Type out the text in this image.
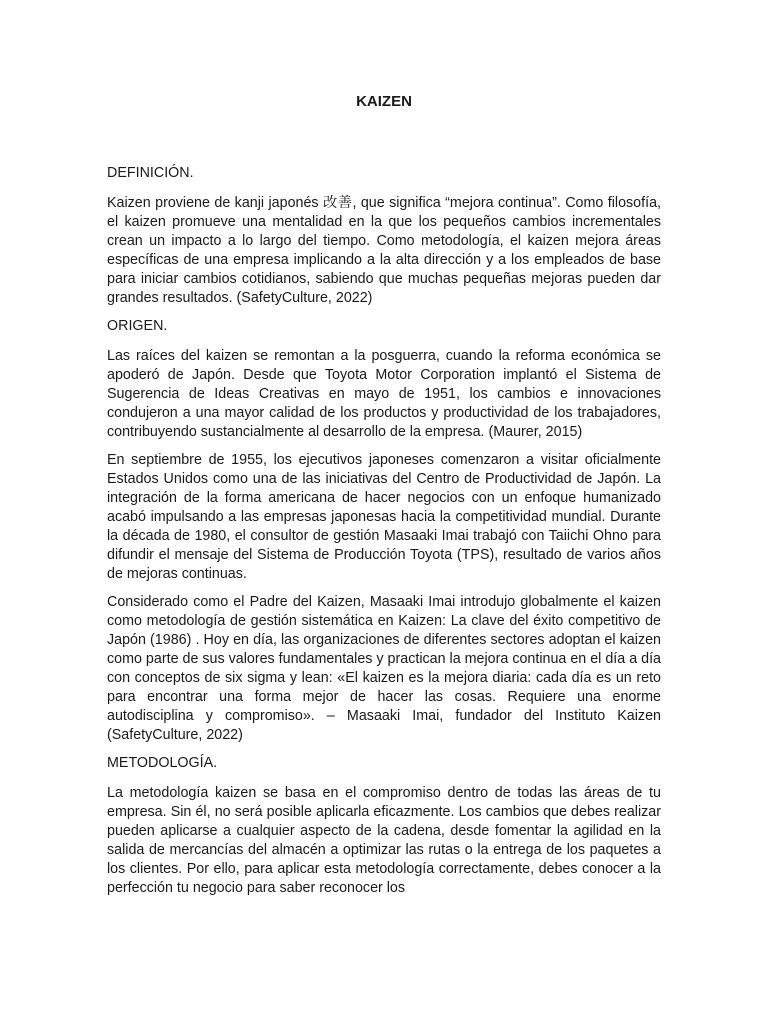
KAIZEN
DEFINICIÓN.
Kaizen proviene de kanji japonés 改善, que significa “mejora continua”. Como filosofía, el kaizen promueve una mentalidad en la que los pequeños cambios incrementales crean un impacto a lo largo del tiempo. Como metodología, el kaizen mejora áreas específicas de una empresa implicando a la alta dirección y a los empleados de base para iniciar cambios cotidianos, sabiendo que muchas pequeñas mejoras pueden dar grandes resultados. (SafetyCulture, 2022)
ORIGEN.
Las raíces del kaizen se remontan a la posguerra, cuando la reforma económica se apoderó de Japón. Desde que Toyota Motor Corporation implantó el Sistema de Sugerencia de Ideas Creativas en mayo de 1951, los cambios e innovaciones condujeron a una mayor calidad de los productos y productividad de los trabajadores, contribuyendo sustancialmente al desarrollo de la empresa. (Maurer, 2015)
En septiembre de 1955, los ejecutivos japoneses comenzaron a visitar oficialmente Estados Unidos como una de las iniciativas del Centro de Productividad de Japón. La integración de la forma americana de hacer negocios con un enfoque humanizado acabó impulsando a las empresas japonesas hacia la competitividad mundial. Durante la década de 1980, el consultor de gestión Masaaki Imai trabajó con Taiichi Ohno para difundir el mensaje del Sistema de Producción Toyota (TPS), resultado de varios años de mejoras continuas.
Considerado como el Padre del Kaizen, Masaaki Imai introdujo globalmente el kaizen como metodología de gestión sistemática en Kaizen: La clave del éxito competitivo de Japón (1986) . Hoy en día, las organizaciones de diferentes sectores adoptan el kaizen como parte de sus valores fundamentales y practican la mejora continua en el día a día con conceptos de six sigma y lean: «El kaizen es la mejora diaria: cada día es un reto para encontrar una forma mejor de hacer las cosas. Requiere una enorme autodisciplina y compromiso». – Masaaki Imai, fundador del Instituto Kaizen (SafetyCulture, 2022)
METODOLOGÍA.
La metodología kaizen se basa en el compromiso dentro de todas las áreas de tu empresa. Sin él, no será posible aplicarla eficazmente. Los cambios que debes realizar pueden aplicarse a cualquier aspecto de la cadena, desde fomentar la agilidad en la salida de mercancías del almacén a optimizar las rutas o la entrega de los paquetes a los clientes. Por ello, para aplicar esta metodología correctamente, debes conocer a la perfección tu negocio para saber reconocer los
